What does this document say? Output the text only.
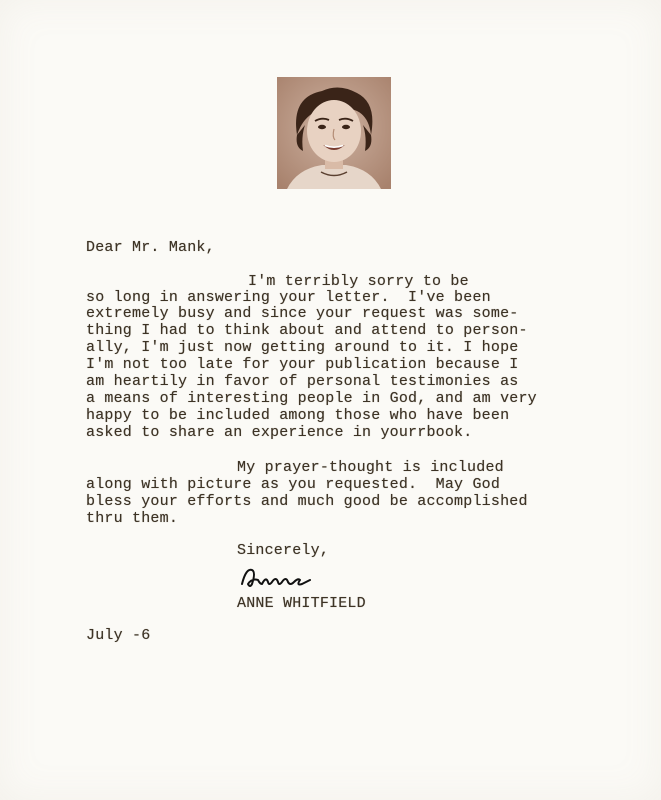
Dear Mr. Mank,
I'm terribly sorry to be
so long in answering your letter.  I've been
extremely busy and since your request was some-
thing I had to think about and attend to person-
ally, I'm just now getting around to it. I hope
I'm not too late for your publication because I
am heartily in favor of personal testimonies as
a means of interesting people in God, and am very
happy to be included among those who have been
asked to share an experience in yourrbook.
My prayer-thought is included
along with picture as you requested.  May God
bless your efforts and much good be accomplished
thru them.
Sincerely,
ANNE WHITFIELD
July -6
